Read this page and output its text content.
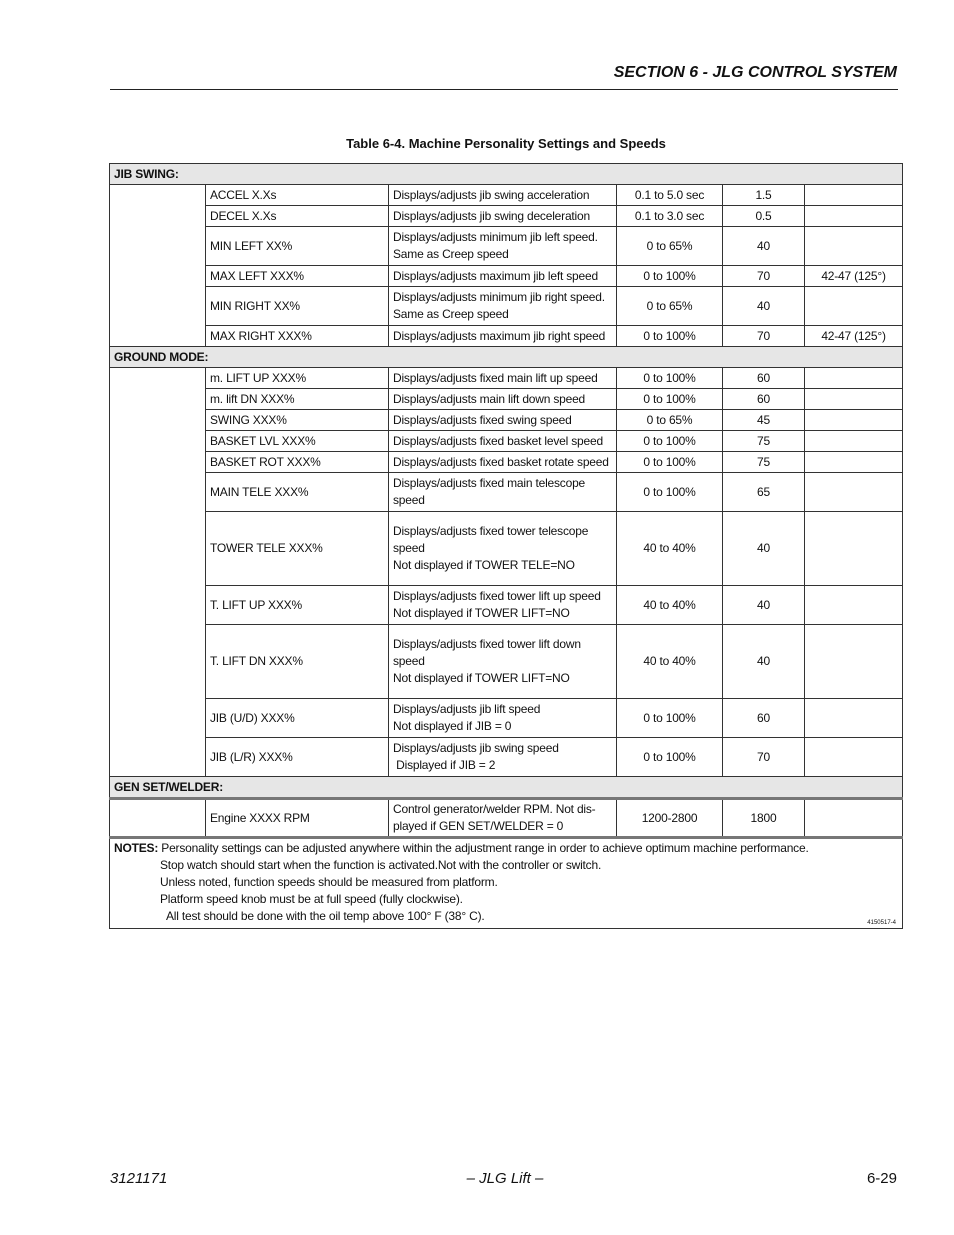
SECTION 6 - JLG CONTROL SYSTEM
Table 6-4. Machine Personality Settings and Speeds
JIB SWING:					
	ACCEL X.Xs	Displays/adjusts jib swing acceleration	0.1 to 5.0 sec	1.5	
	DECEL X.Xs	Displays/adjusts jib swing deceleration	0.1 to 3.0 sec	0.5	
	MIN LEFT XX%	Displays/adjusts minimum jib left speed.
Same as Creep speed	0 to 65%	40	
	MAX LEFT XXX%	Displays/adjusts maximum jib left speed	0 to 100%	70	42-47 (125°)
	MIN RIGHT XX%	Displays/adjusts minimum jib right speed.
Same as Creep speed	0 to 65%	40	
	MAX RIGHT XXX%	Displays/adjusts maximum jib right speed	0 to 100%	70	42-47 (125°)
GROUND MODE:					
	m. LIFT UP XXX%	Displays/adjusts fixed main lift up speed	0 to 100%	60	
	m. lift DN XXX%	Displays/adjusts main lift down speed	0 to 100%	60	
	SWING XXX%	Displays/adjusts fixed swing speed	0 to 65%	45	
	BASKET LVL XXX%	Displays/adjusts fixed basket level speed	0 to 100%	75	
	BASKET ROT XXX%	Displays/adjusts fixed basket rotate speed	0 to 100%	75	
	MAIN TELE XXX%	Displays/adjusts fixed main telescope
speed	0 to 100%	65	
	TOWER TELE XXX%	Displays/adjusts fixed tower telescope
speed
Not displayed if TOWER TELE=NO	40 to 40%	40	
	T. LIFT UP XXX%	Displays/adjusts fixed tower lift up speed
Not displayed if TOWER LIFT=NO	40 to 40%	40	
	T. LIFT DN XXX%	Displays/adjusts fixed tower lift down
speed
Not displayed if TOWER LIFT=NO	40 to 40%	40	
	JIB (U/D) XXX%	Displays/adjusts jib lift speed
Not displayed if JIB = 0	0 to 100%	60	
	JIB (L/R) XXX%	Displays/adjusts jib swing speed
Displayed if JIB = 2	0 to 100%	70	
GEN SET/WELDER:					
	Engine XXXX RPM	Control generator/welder RPM. Not dis-
played if GEN SET/WELDER = 0	1200-2800	1800	

NOTES: Personality settings can be adjusted anywhere within the adjustment range in order to achieve optimum machine performance.
Stop watch should start when the function is activated.Not with the controller or switch.
Unless noted, function speeds should be measured from platform.
Platform speed knob must be at full speed (fully clockwise).
All test should be done with the oil temp above 100° F (38° C).						4150517-4
3121171	– JLG Lift –	6-29
